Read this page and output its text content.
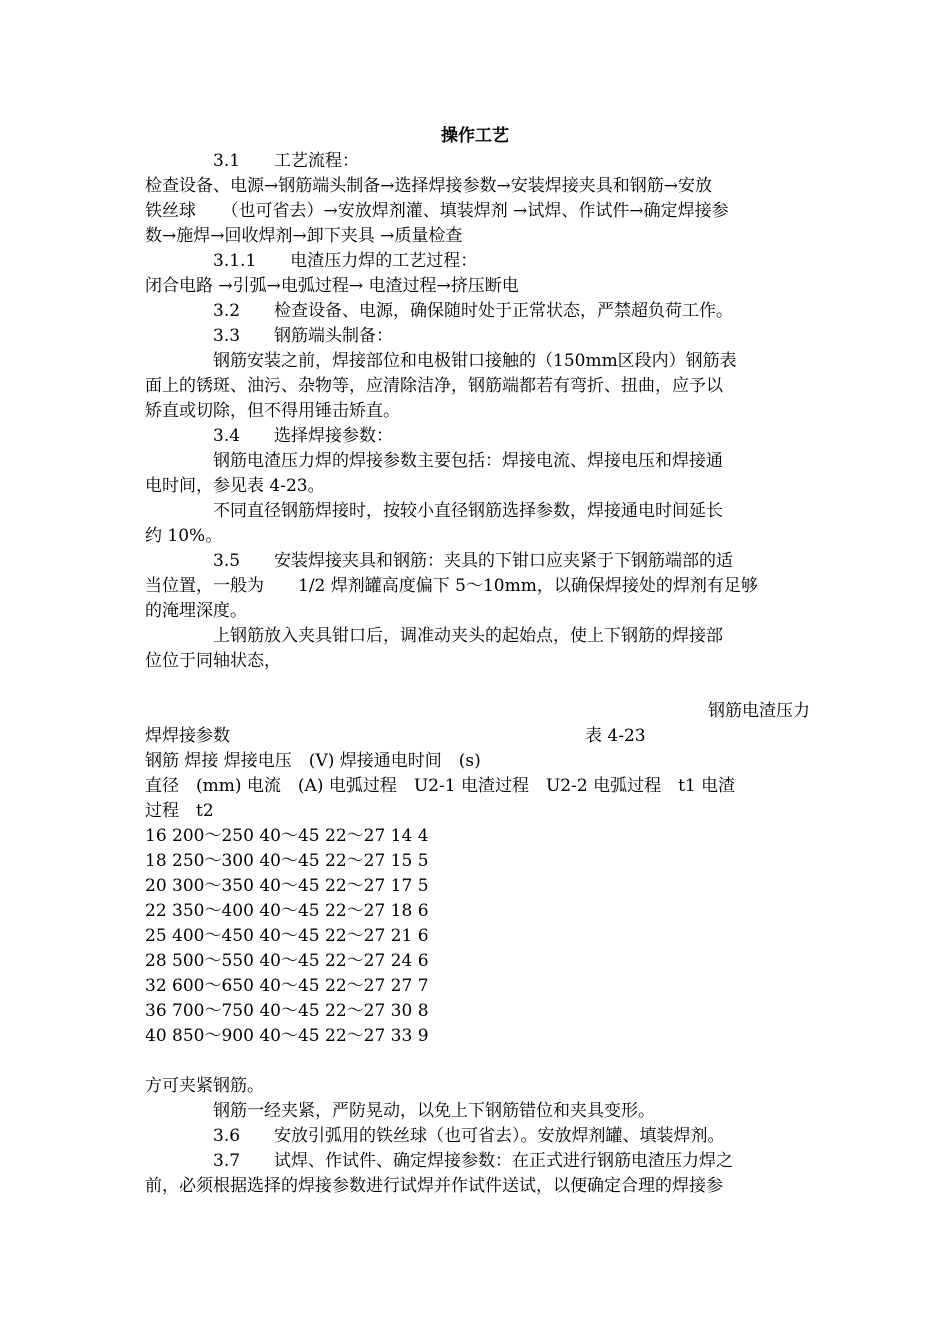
操作工艺
　　　　3.1　　工艺流程：
检查设备、电源→钢筋端头制备→选择焊接参数→安装焊接夹具和钢筋→安放
铁丝球　　（也可省去）→安放焊剂灌、填装焊剂 →试焊、作试件→确定焊接参
数→施焊→回收焊剂→卸下夹具 →质量检查
　　　　3.1.1　　电渣压力焊的工艺过程：
闭合电路 →引弧→电弧过程→ 电渣过程→挤压断电
　　　　3.2　　检查设备、电源，确保随时处于正常状态，严禁超负荷工作。
　　　　3.3　　钢筋端头制备：
　　　　钢筋安装之前，焊接部位和电极钳口接触的（150mm区段内）钢筋表
面上的锈斑、油污、杂物等，应清除洁净，钢筋端都若有弯折、扭曲，应予以
矫直或切除，但不得用锤击矫直。
　　　　3.4　　选择焊接参数：
　　　　钢筋电渣压力焊的焊接参数主要包括：焊接电流、焊接电压和焊接通
电时间，参见表 4-23。
　　　　不同直径钢筋焊接时，按较小直径钢筋选择参数，焊接通电时间延长
约 10%。
　　　　3.5　　安装焊接夹具和钢筋：夹具的下钳口应夹紧于下钢筋端部的适
当位置，一般为　　1/2 焊剂罐高度偏下 5～10mm，以确保焊接处的焊剂有足够
的淹埋深度。
　　　　上钢筋放入夹具钳口后，调准动夹头的起始点，使上下钢筋的焊接部
位位于同轴状态，
钢筋电渣压力
焊焊接参数	表 4-23
钢筋 焊接 焊接电压　(V) 焊接通电时间　(s)
直径　(mm) 电流　(A) 电弧过程　U2-1 电渣过程　U2-2 电弧过程　t1 电渣
过程　t2
16 200～250 40～45 22～27 14 4
18 250～300 40～45 22～27 15 5
20 300～350 40～45 22～27 17 5
22 350～400 40～45 22～27 18 6
25 400～450 40～45 22～27 21 6
28 500～550 40～45 22～27 24 6
32 600～650 40～45 22～27 27 7
36 700～750 40～45 22～27 30 8
40 850～900 40～45 22～27 33 9
方可夹紧钢筋。
　　　　钢筋一经夹紧，严防晃动，以免上下钢筋错位和夹具变形。
　　　　3.6　　安放引弧用的铁丝球（也可省去）。安放焊剂罐、填装焊剂。
　　　　3.7　　试焊、作试件、确定焊接参数：在正式进行钢筋电渣压力焊之
前，必须根据选择的焊接参数进行试焊并作试件送试，以便确定合理的焊接参
